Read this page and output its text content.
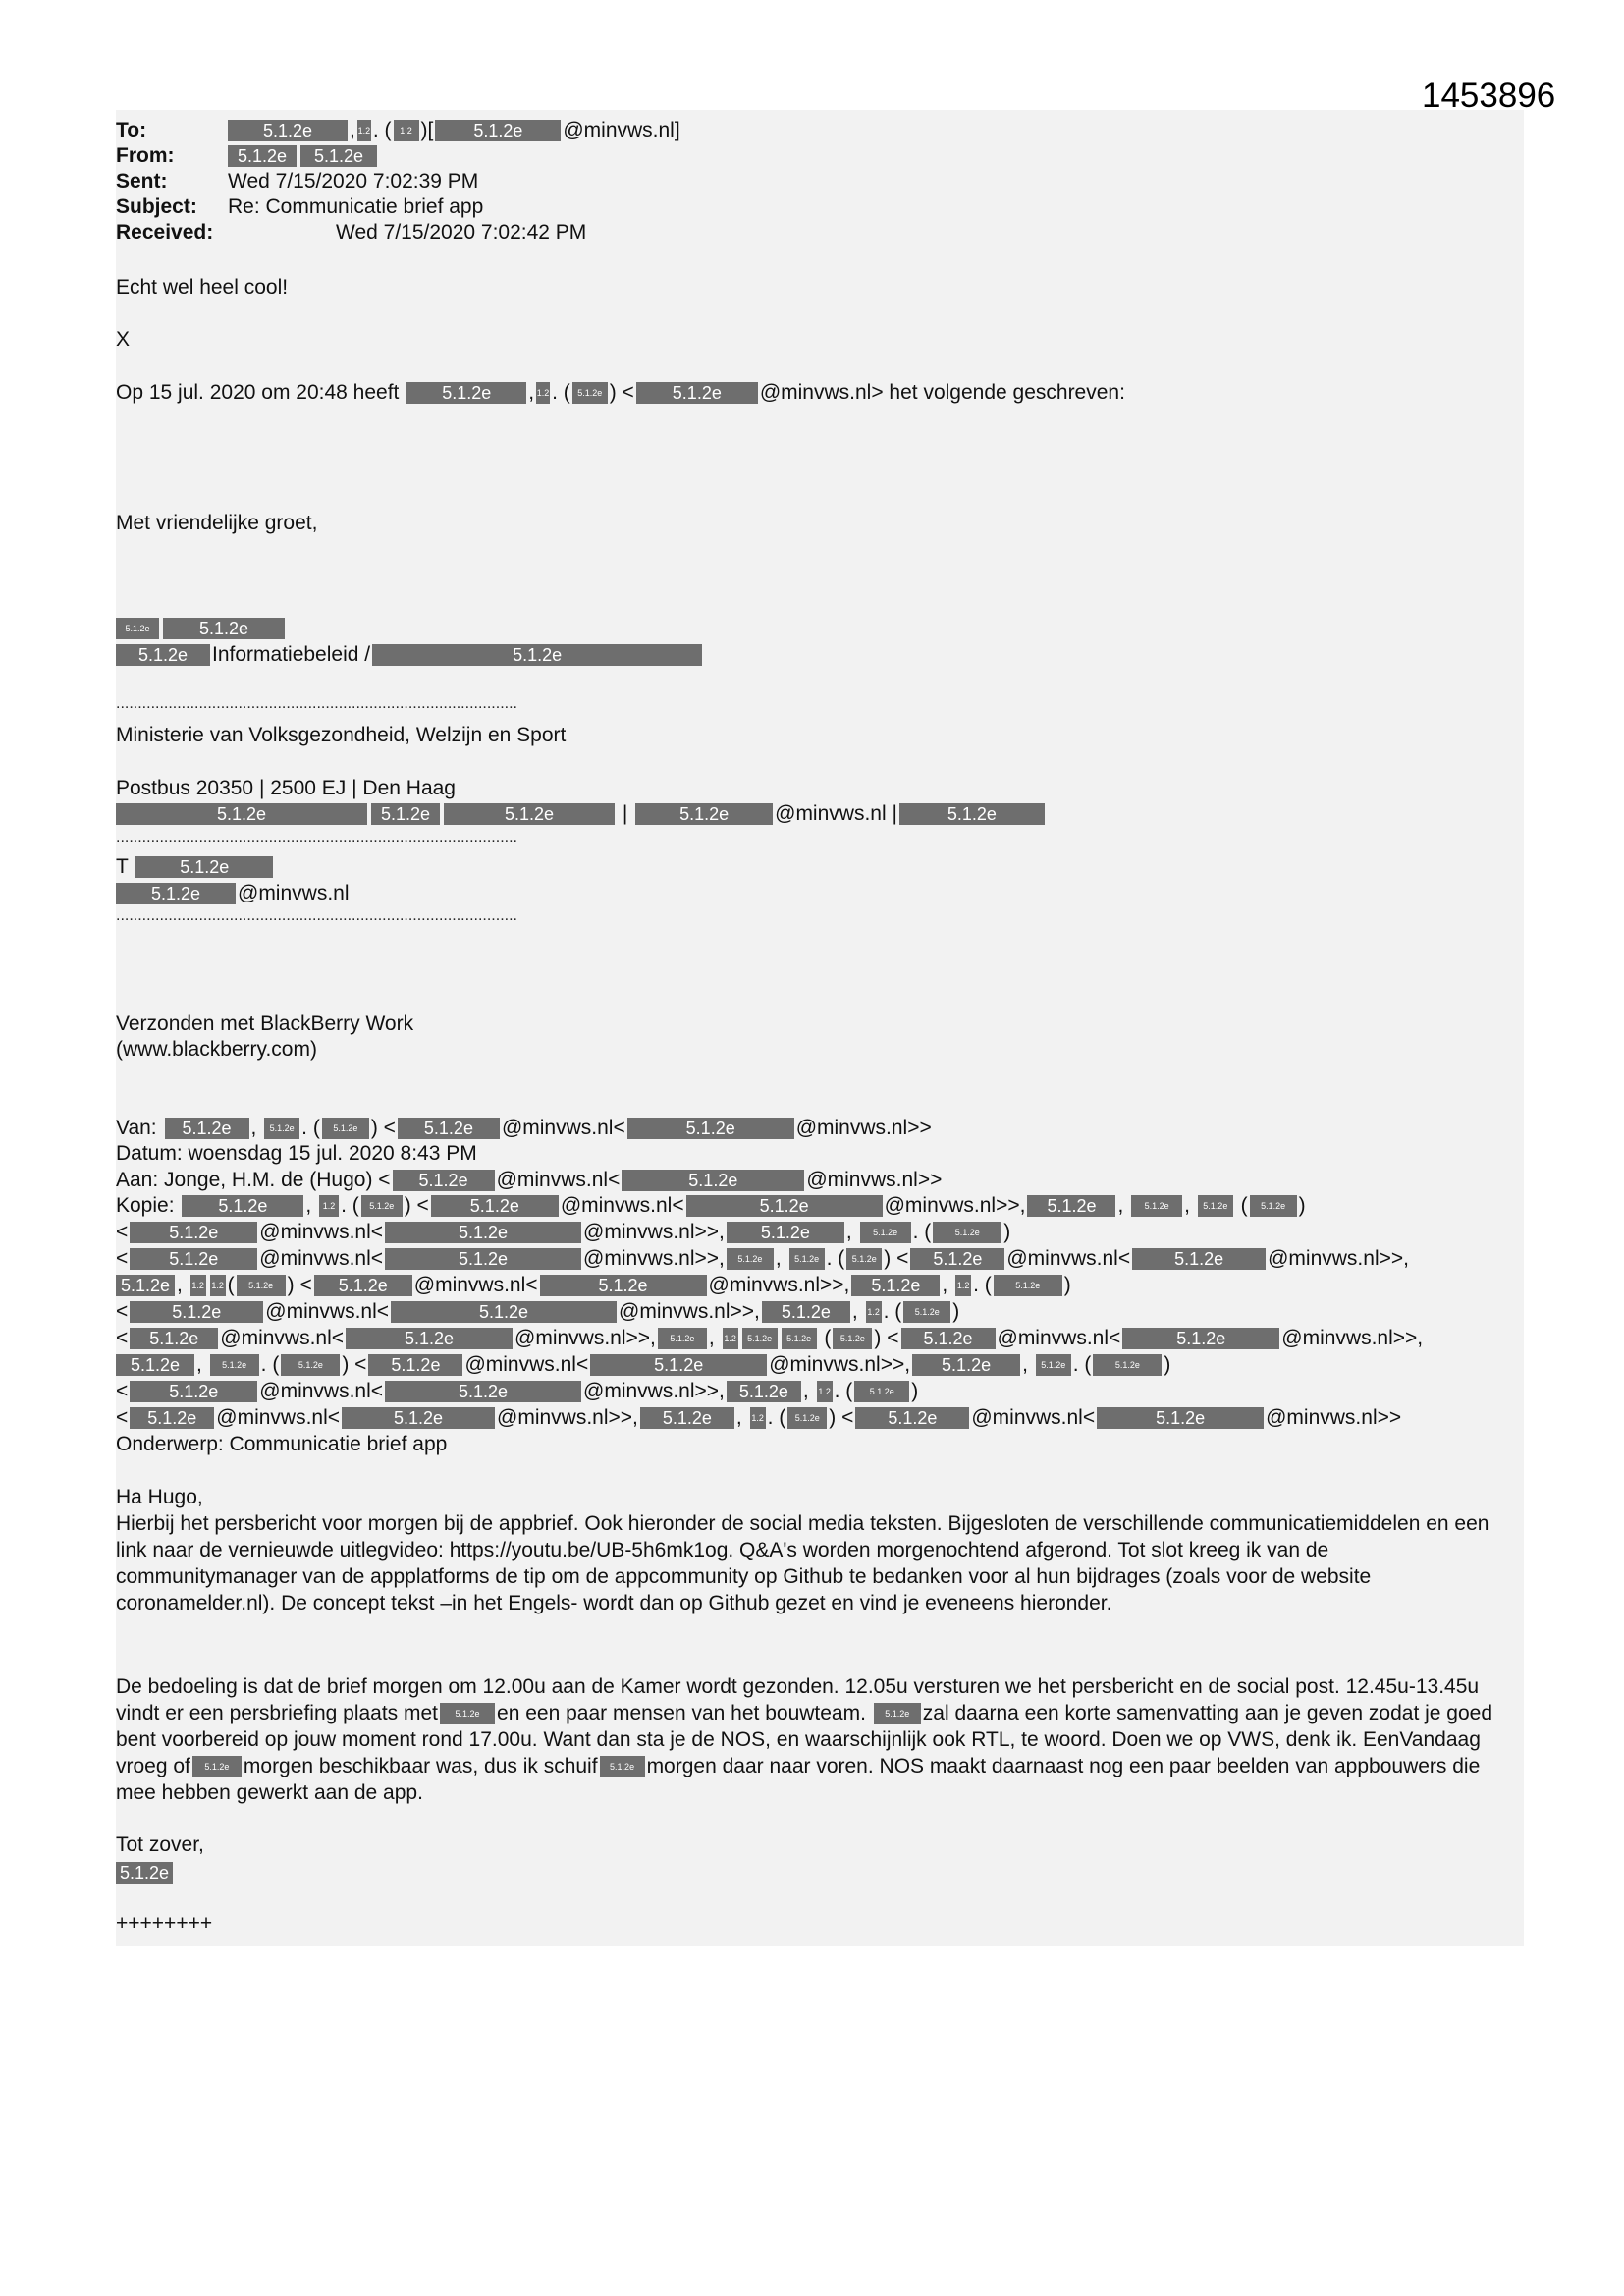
1453896
To:	5.1.2e , 1.2 . ( 1.2 )[ 5.1.2e @minvws.nl]
From:	5.1.2e 5.1.2e
Sent:	Wed 7/15/2020 7:02:39 PM
Subject: Re: Communicatie brief app
Received:	Wed 7/15/2020 7:02:42 PM
Echt wel heel cool!
X
Op 15 jul. 2020 om 20:48 heeft 5.1.2e , 1.2 . ( 5.1.2e ) < 5.1.2e @minvws.nl> het volgende geschreven:
Met vriendelijke groet,
5.1.2e	5.1.2e
5.1.2e Informatiebeleid /	5.1.2e
............................................................................................
Ministerie van Volksgezondheid, Welzijn en Sport
Postbus 20350 | 2500 EJ | Den Haag
5.1.2e	5.1.2e	5.1.2e	|	5.1.2e @minvws.nl |	5.1.2e
............................................................................................
T	5.1.2e
5.1.2e @minvws.nl
............................................................................................
Verzonden met BlackBerry Work
(www.blackberry.com)
Van: 5.1.2e , 5.1.2e . ( 5.1.2e ) < 5.1.2e @minvws.nl<	5.1.2e	@minvws.nl>>
Datum: woensdag 15 jul. 2020 8:43 PM
Aan: Jonge, H.M. de (Hugo) < 5.1.2e @minvws.nl<	5.1.2e	@minvws.nl>>
Kopie: 5.1.2e , 1.2 . ( 5.1.2e ) < 5.1.2e @minvws.nl<	5.1.2e	@minvws.nl>>, 5.1.2e , 5.1.2e , 5.1.2e ( 5.1.2e )
< 5.1.2e @minvws.nl<	5.1.2e	@minvws.nl>>, 5.1.2e , 5.1.2e . (	5.1.2e )
< 5.1.2e @minvws.nl<	5.1.2e	@minvws.nl>>, 5.1.2e , 5.1.2e . ( 5.1.2e ) < 5.1.2e @minvws.nl< 5.1.2e @minvws.nl>>,
5.1.2e , 1.2 1.2 ( 5.1.2e ) < 5.1.2e @minvws.nl<	5.1.2e	@minvws.nl>>, 5.1.2e , 1.2 . (	5.1.2e )
< 5.1.2e @minvws.nl<	5.1.2e	@minvws.nl>>, 5.1.2e , 1.2 . ( 5.1.2e )
< 5.1.2e @minvws.nl<	5.1.2e	@minvws.nl>>, 5.1.2e , 1.2 5.1.2e 5.1.2e ( 5.1.2e ) < 5.1.2e @minvws.nl<	5.1.2e	@minvws.nl>>,
5.1.2e , 5.1.2e . ( 5.1.2e ) < 5.1.2e @minvws.nl<	5.1.2e	@minvws.nl>>, 5.1.2e , 5.1.2e . (	5.1.2e )
< 5.1.2e @minvws.nl<	5.1.2e	@minvws.nl>>, 5.1.2e , 1.2 . ( 5.1.2e )
< 5.1.2e @minvws.nl<	5.1.2e	@minvws.nl>>, 5.1.2e , 1.2 . ( 5.1.2e ) < 5.1.2e @minvws.nl<	5.1.2e	@minvws.nl>>
Onderwerp: Communicatie brief app
Ha Hugo,
Hierbij het persbericht voor morgen bij de appbrief. Ook hieronder de social media teksten. Bijgesloten de verschillende communicatiemiddelen en een link naar de vernieuwde uitlegvideo: https://youtu.be/UB-5h6mk1og. Q&A's worden morgenochtend afgerond. Tot slot kreeg ik van de communitymanager van de appplatforms de tip om de appcommunity op Github te bedanken voor al hun bijdrages (zoals voor de website coronamelder.nl). De concept tekst –in het Engels- wordt dan op Github gezet en vind je eveneens hieronder.
De bedoeling is dat de brief morgen om 12.00u aan de Kamer wordt gezonden. 12.05u versturen we het persbericht en de social post. 12.45u-13.45u vindt er een persbriefing plaats met 5.1.2e en een paar mensen van het bouwteam. 5.1.2e zal daarna een korte samenvatting aan je geven zodat je goed bent voorbereid op jouw moment rond 17.00u. Want dan sta je de NOS, en waarschijnlijk ook RTL, te woord. Doen we op VWS, denk ik. EenVandaag vroeg of 5.1.2e morgen beschikbaar was, dus ik schuif 5.1.2e morgen daar naar voren. NOS maakt daarnaast nog een paar beelden van appbouwers die mee hebben gewerkt aan de app.
Tot zover,
5.1.2e
++++++++
